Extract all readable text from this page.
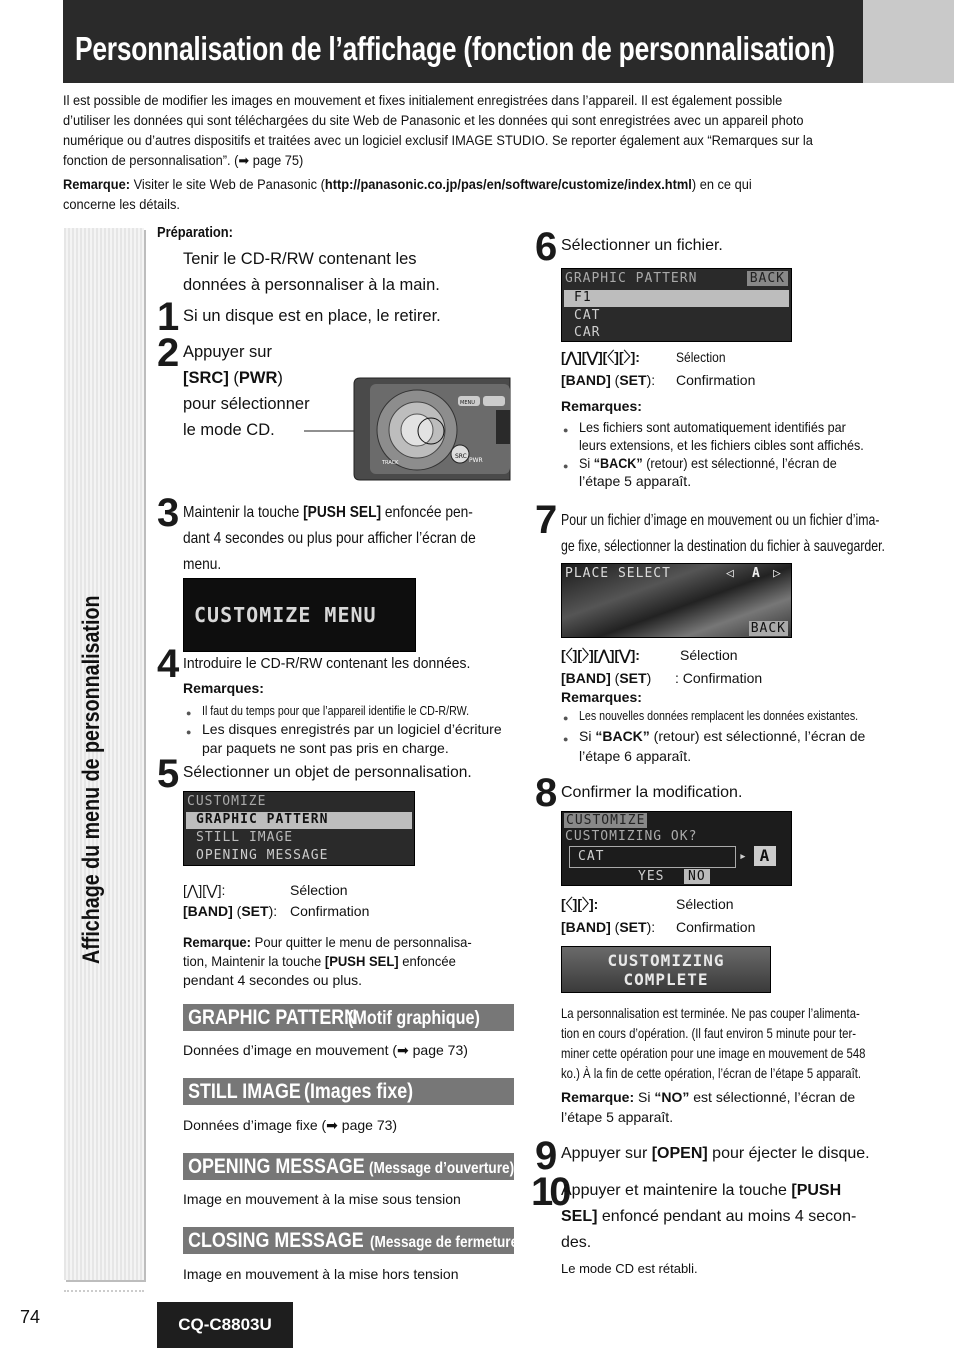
Personnalisation de l’affichage (fonction de personnalisation)
Il est possible de modifier les images en mouvement et fixes initialement enregistrées dans l’appareil. Il est également possible
d’utiliser les données qui sont téléchargées du site Web de Panasonic et les données qui sont enregistrées avec un appareil photo
numérique ou d’autres dispositifs et traitées avec un logiciel exclusif IMAGE STUDIO. Se reporter également aux “Remarques sur la
fonction de personnalisation”. (➡ page 75)
Remarque: Visiter le site Web de Panasonic (http://panasonic.co.jp/pas/en/software/customize/index.html) en ce qui
concerne les détails.
Affichage du menu de personnalisation
Préparation:
Tenir le CD-R/RW contenant les
données à personnaliser à la main.
1 Si un disque est en place, le retirer.
2 Appuyer sur
[SRC] (PWR)
pour sélectionner
le mode CD.
SRC
PWR
MENU
TRACK
3 Maintenir la touche [PUSH SEL] enfoncée pen-
dant 4 secondes ou plus pour afficher l’écran de
menu.
CUSTOMIZE MENU
4 Introduire le CD-R/RW contenant les données.
Remarques:
● Il faut du temps pour que l’appareil identifie le CD-R/RW.
● Les disques enregistrés par un logiciel d’écriture
par paquets ne sont pas pris en charge.
5 Sélectionner un objet de personnalisation.
CUSTOMIZE
GRAPHIC PATTERN
STILL IMAGE
OPENING MESSAGE
[⋀][⋁]:	Sélection
[BAND] (SET): Confirmation
Remarque: Pour quitter le menu de personnalisa-
tion, Maintenir la touche [PUSH SEL] enfoncée
pendant 4 secondes ou plus.
GRAPHIC PATTERN(Motif graphique)
Données d’image en mouvement (➡ page 73)
STILL IMAGE(Images fixe)
Données d’image fixe (➡ page 73)
OPENING MESSAGE(Message d’ouverture)
Image en mouvement à la mise sous tension
CLOSING MESSAGE(Message de fermeture)
Image en mouvement à la mise hors tension
6 Sélectionner un fichier.
GRAPHIC PATTERN	BACK
F1
CAT
CAR
[⋀][⋁][〈][〉]:	Sélection
[BAND] (SET): Confirmation
Remarques:
● Les fichiers sont automatiquement identifiés par
leurs extensions, et les fichiers cibles sont affichés.
● Si “BACK” (retour) est sélectionné, l’écran de
l’étape 5 apparaît.
7 Pour un fichier d’image en mouvement ou un fichier d’ima-
ge fixe, sélectionner la destination du fichier à sauvegarder.
PLACE SELECT	◁ A ▷
BACK
[〈][〉][⋀][⋁]:	Sélection
[BAND] (SET) : Confirmation
Remarques:
● Les nouvelles données remplacent les données existantes.
● Si “BACK” (retour) est sélectionné, l’écran de
l’étape 6 apparaît.
8 Confirmer la modification.
CUSTOMIZE
CUSTOMIZING OK?
CAT	▸ A
YES	NO
[〈][〉]:	Sélection
[BAND] (SET): Confirmation
CUSTOMIZING
COMPLETE
La personnalisation est terminée. Ne pas couper l’alimenta-
tion en cours d’opération. (Il faut environ 5 minute pour ter-
miner cette opération pour une image en mouvement de 548
ko.) À la fin de cette opération, l’écran de l’étape 5 apparaît.
Remarque: Si “NO” est sélectionné, l’écran de
l’étape 5 apparaît.
9 Appuyer sur [OPEN] pour éjecter le disque.
10
Appuyer et maintenire la touche [PUSH
SEL] enfoncé pendant au moins 4 secon-
des.
Le mode CD est rétabli.
74	CQ-C8803U
